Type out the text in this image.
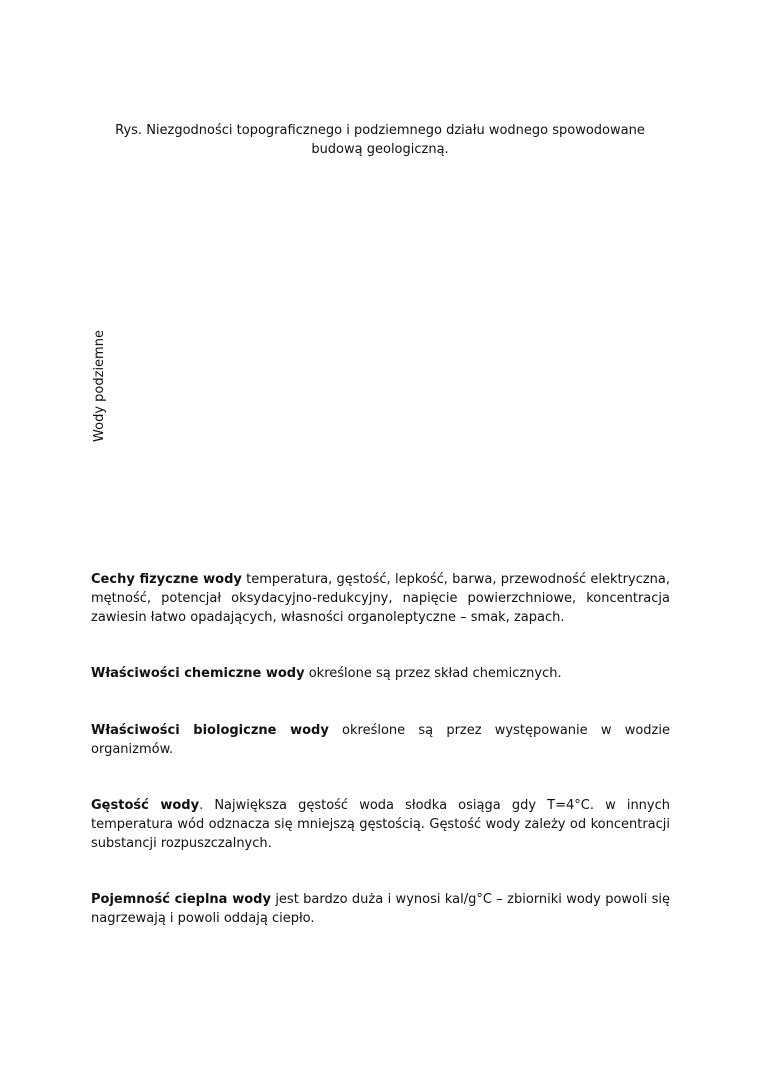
Rys. Niezgodności topograficznego i podziemnego działu wodnego spowodowane budową geologiczną.
Wody podziemne

Cechy fizyczne wody temperatura, gęstość, lepkość, barwa, przewodność elektryczna, mętność, potencjał oksydacyjno-redukcyjny, napięcie powierzchniowe, koncentracja zawiesin łatwo opadających, własności organoleptyczne – smak, zapach.

Właściwości chemiczne wody określone są przez skład chemicznych.

Właściwości biologiczne wody określone są przez występowanie w wodzie organizmów.

Gęstość wody. Największa gęstość woda słodka osiąga gdy T=4°C. w innych temperatura wód odznacza się mniejszą gęstością. Gęstość wody zależy od koncentracji substancji rozpuszczalnych.

Pojemność cieplna wody jest bardzo duża i wynosi kal/g°C – zbiorniki wody powoli się nagrzewają i powoli oddają ciepło.
